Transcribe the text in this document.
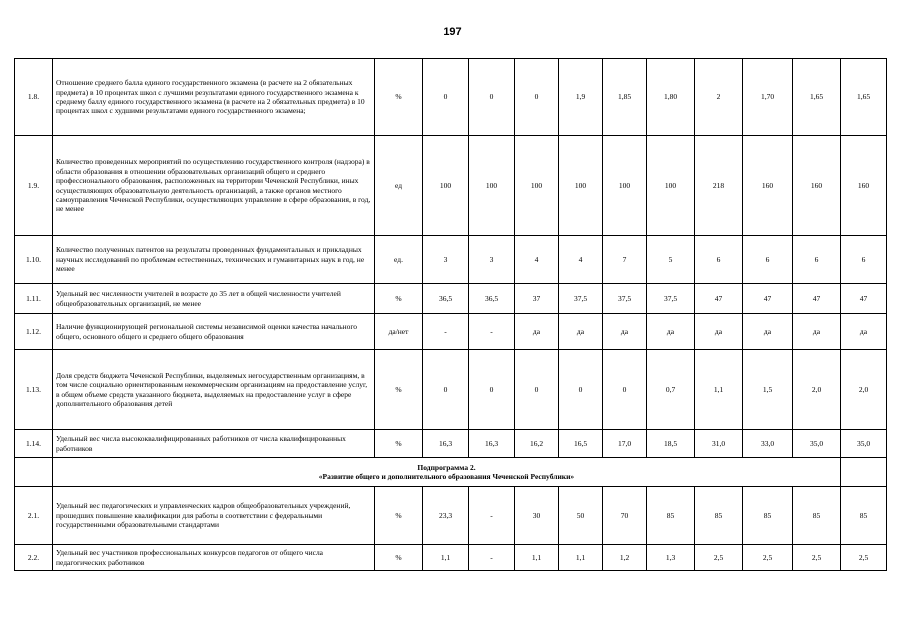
197
1.8.	Отношение среднего балла единого государственного экзамена (в расчете на 2 обязательных предмета) в 10 процентах школ с лучшими результатами единого государственного экзамена к среднему баллу единого государственного экзамена (в расчете на 2 обязательных предмета) в 10 процентах школ с худшими результатами единого государственного экзамена;	%	0	0	0	1,9	1,85	1,80	2	1,70	1,65	1,65
1.9.	Количество проведенных мероприятий по осуществлению государственного контроля (надзора) в области образования в отношении образовательных организаций общего и среднего профессионального образования, расположенных на территории Чеченской Республики, иных осуществляющих образовательную деятельность организаций, а также органов местного самоуправления Чеченской Республики, осуществляющих управление в сфере образования, в год, не менее	ед	100	100	100	100	100	100	218	160	160	160
1.10.	Количество полученных патентов на результаты проведенных фундаментальных и прикладных научных исследований по проблемам естественных, технических и гуманитарных наук в год, не менее	ед.	3	3	4	4	7	5	6	6	6	6
1.11.	Удельный вес численности учителей в возрасте до 35 лет в общей численности учителей общеобразовательных организаций, не менее	%	36,5	36,5	37	37,5	37,5	37,5	47	47	47	47
1.12.	Наличие функционирующей региональной системы независимой оценки качества начального общего, основного общего и среднего общего образования	да/нет	-	-	да	да	да	да	да	да	да	да
1.13.	Доля средств бюджета Чеченской Республики, выделяемых негосударственным организациям, в том числе социально ориентированным некоммерческим организациям на предоставление услуг, в общем объеме средств указанного бюджета, выделяемых на предоставление услуг в сфере дополнительного образования детей	%	0	0	0	0	0	0,7	1,1	1,5	2,0	2,0
1.14.	Удельный вес числа высококвалифицированных работников от числа квалифицированных работников	%	16,3	16,3	16,2	16,5	17,0	18,5	31,0	33,0	35,0	35,0

	Подпрограмма 2.
«Развитие общего и дополнительного образования Чеченской Республики»											

2.1.	Удельный вес педагогических и управленческих кадров общеобразовательных учреждений, прошедших повышение квалификации для работы в соответствии с федеральными государственными образовательными стандартами	%	23,3	-	30	50	70	85	85	85	85	85
2.2.	Удельный вес участников профессиональных конкурсов педагогов от общего числа педагогических работников	%	1,1	-	1,1	1,1	1,2	1,3	2,5	2,5	2,5	2,5
